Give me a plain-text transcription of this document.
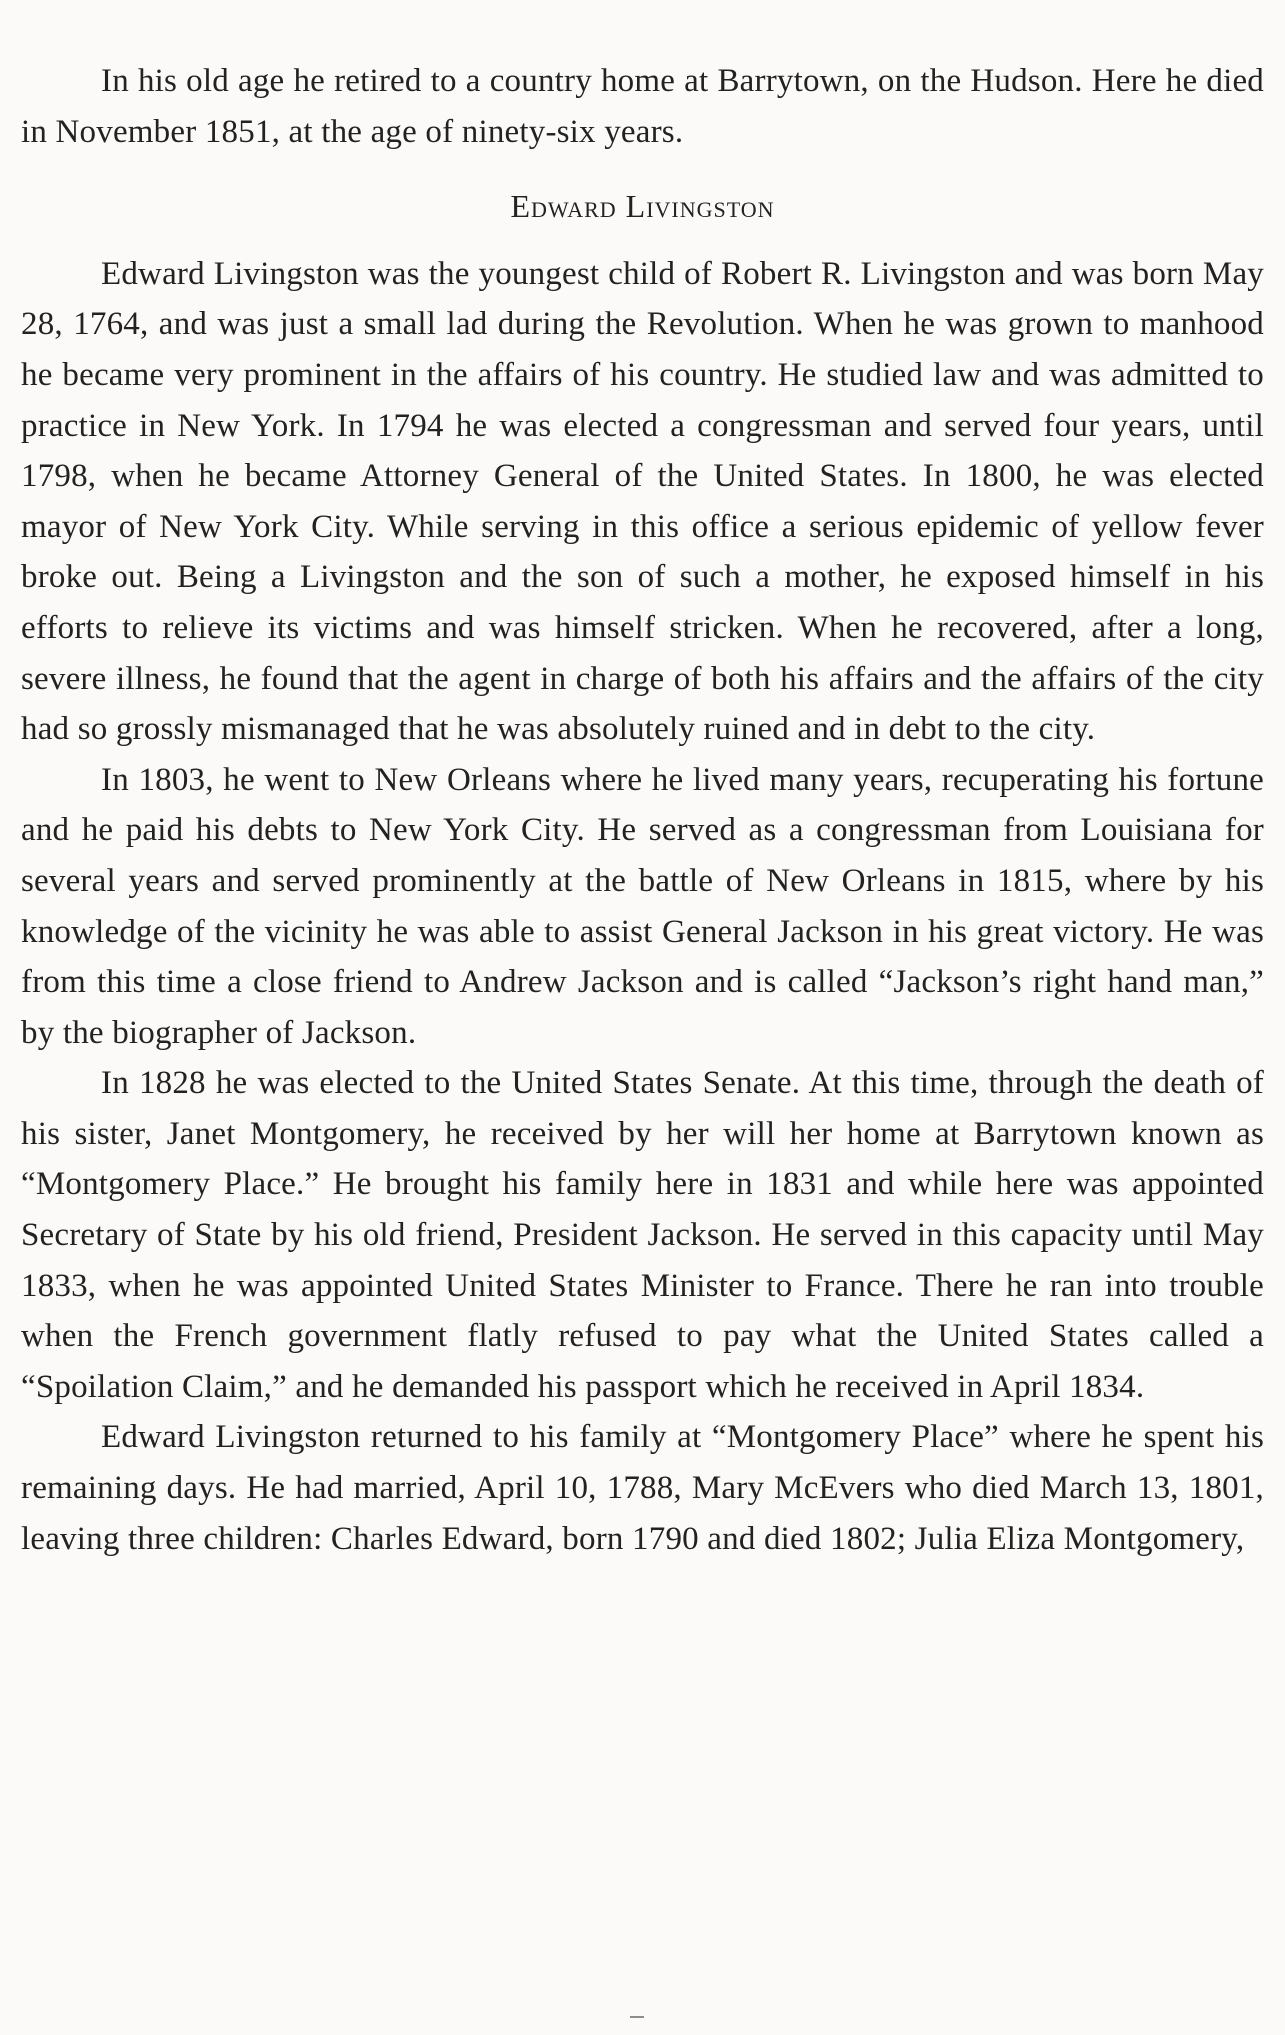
In his old age he retired to a country home at Barrytown, on the Hudson. Here he died in November 1851, at the age of ninety-six years.

Edward Livingston

Edward Livingston was the youngest child of Robert R. Livingston and was born May 28, 1764, and was just a small lad during the Revolution. When he was grown to manhood he became very prominent in the affairs of his country. He studied law and was admitted to practice in New York. In 1794 he was elected a congressman and served four years, until 1798, when he became Attorney General of the United States. In 1800, he was elected mayor of New York City. While serving in this office a serious epidemic of yellow fever broke out. Being a Livingston and the son of such a mother, he exposed himself in his efforts to relieve its victims and was himself stricken. When he recovered, after a long, severe illness, he found that the agent in charge of both his affairs and the affairs of the city had so grossly mismanaged that he was absolutely ruined and in debt to the city.

In 1803, he went to New Orleans where he lived many years, recuperating his fortune and he paid his debts to New York City. He served as a congressman from Louisiana for several years and served prominently at the battle of New Orleans in 1815, where by his knowledge of the vicinity he was able to assist General Jackson in his great victory. He was from this time a close friend to Andrew Jackson and is called “Jackson’s right hand man,” by the biographer of Jackson.

In 1828 he was elected to the United States Senate. At this time, through the death of his sister, Janet Montgomery, he received by her will her home at Barrytown known as “Montgomery Place.” He brought his family here in 1831 and while here was appointed Secretary of State by his old friend, President Jackson. He served in this capacity until May 1833, when he was appointed United States Minister to France. There he ran into trouble when the French government flatly refused to pay what the United States called a “Spoilation Claim,” and he demanded his passport which he received in April 1834.

Edward Livingston returned to his family at “Montgomery Place” where he spent his remaining days. He had married, April 10, 1788, Mary McEvers who died March 13, 1801, leaving three children: Charles Edward, born 1790 and died 1802; Julia Eliza Montgomery,
